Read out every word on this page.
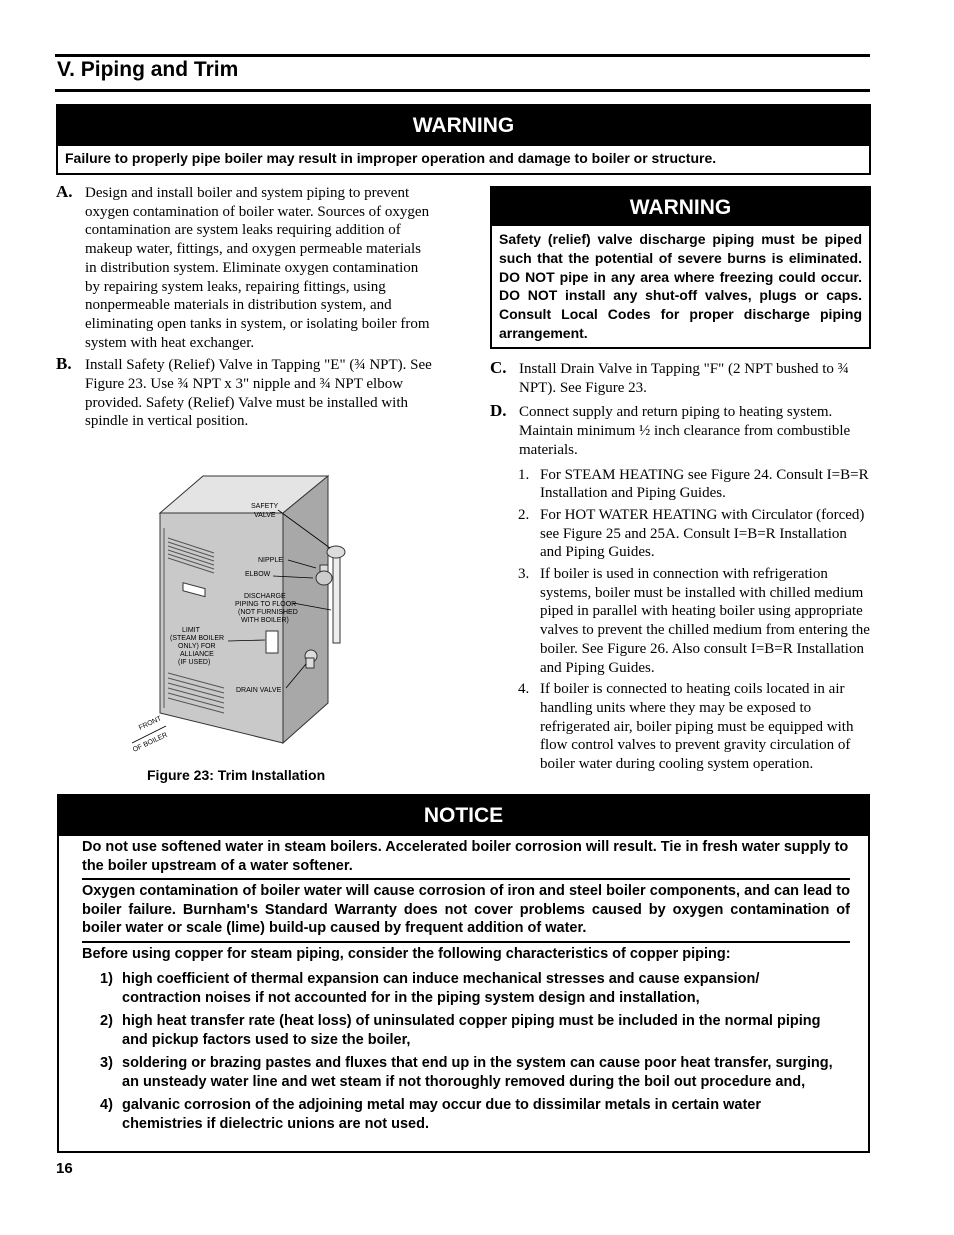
V. Piping and Trim
WARNING
Failure to properly pipe boiler may result in improper operation and damage to boiler or structure.
A. Design and install boiler and system piping to prevent oxygen contamination of boiler water. Sources of oxygen contamination are system leaks requiring addition of makeup water, fittings, and oxygen permeable materials in distribution system. Eliminate oxygen contamination by repairing system leaks, repairing fittings, using nonpermeable materials in distribution system, and eliminating open tanks in system, or isolating boiler from system with heat exchanger.
B. Install Safety (Relief) Valve in Tapping "E" (¾ NPT). See Figure 23. Use ¾ NPT x 3" nipple and ¾ NPT elbow provided. Safety (Relief) Valve must be installed with spindle in vertical position.
SAFETY
VALVE
NIPPLE
ELBOW
DISCHARGE
PIPING TO FLOOR
(NOT FURNISHED
WITH BOILER)
LIMIT
(STEAM BOILER
ONLY) FOR
ALLIANCE
(IF USED)
DRAIN VALVE
FRONT
OF BOILER
Figure 23: Trim Installation
WARNING
Safety (relief) valve discharge piping must be piped such that the potential of severe burns is eliminated. DO NOT pipe in any area where freezing could occur. DO NOT install any shut-off valves, plugs or caps. Consult Local Codes for proper discharge piping arrangement.
C. Install Drain Valve in Tapping "F" (2 NPT bushed to ¾ NPT). See Figure 23.
D. Connect supply and return piping to heating system. Maintain minimum ½ inch clearance from combustible materials.
1. For STEAM HEATING see Figure 24. Consult I=B=R Installation and Piping Guides.
2. For HOT WATER HEATING with Circulator (forced) see Figure 25 and 25A. Consult I=B=R Installation and Piping Guides.
3. If boiler is used in connection with refrigeration systems, boiler must be installed with chilled medium piped in parallel with heating boiler using appropriate valves to prevent the chilled medium from entering the boiler. See Figure 26. Also consult I=B=R Installation and Piping Guides.
4. If boiler is connected to heating coils located in air handling units where they may be exposed to refrigerated air, boiler piping must be equipped with flow control valves to prevent gravity circulation of boiler water during cooling system operation.
NOTICE
Do not use softened water in steam boilers. Accelerated boiler corrosion will result. Tie in fresh water supply to the boiler upstream of a water softener.
Oxygen contamination of boiler water will cause corrosion of iron and steel boiler components, and can lead to boiler failure. Burnham's Standard Warranty does not cover problems caused by oxygen contamination of boiler water or scale (lime) build-up caused by frequent addition of water.
Before using copper for steam piping, consider the following characteristics of copper piping:
1) high coefficient of thermal expansion can induce mechanical stresses and cause expansion/ contraction noises if not accounted for in the piping system design and installation,
2) high heat transfer rate (heat loss) of uninsulated copper piping must be included in the normal piping and pickup factors used to size the boiler,
3) soldering or brazing pastes and fluxes that end up in the system can cause poor heat transfer, surging, an unsteady water line and wet steam if not thoroughly removed during the boil out procedure and,
4) galvanic corrosion of the adjoining metal may occur due to dissimilar metals in certain water chemistries if dielectric unions are not used.
16
